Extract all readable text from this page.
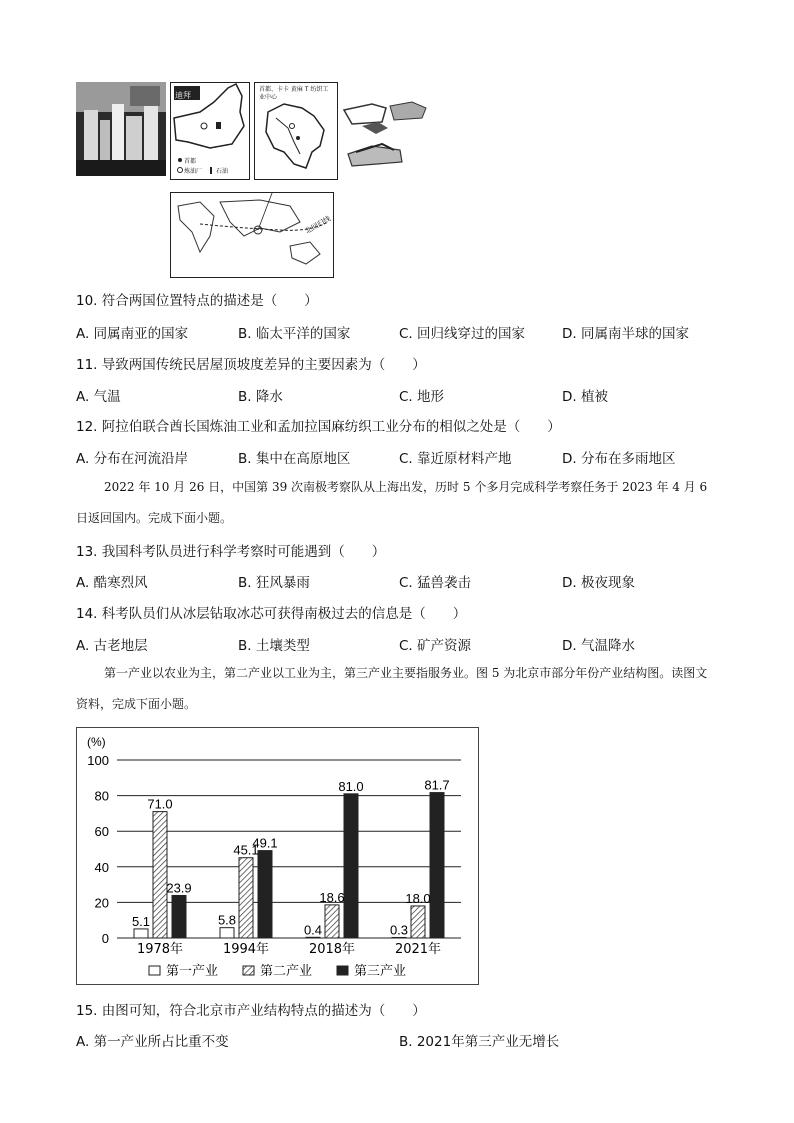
迪拜
首都
炼油厂 石油
首都、卡卡 黄麻 T 纺织工业中心
北回归线
10. 符合两国位置特点的描述是（　　）
A. 同属南亚的国家	B. 临太平洋的国家	C. 回归线穿过的国家	D. 同属南半球的国家
11. 导致两国传统民居屋顶坡度差异的主要因素为（　　）
A. 气温	B. 降水	C. 地形	D. 植被
12. 阿拉伯联合酋长国炼油工业和孟加拉国麻纺织工业分布的相似之处是（　　）
A. 分布在河流沿岸	B. 集中在高原地区	C. 靠近原材料产地	D. 分布在多雨地区
2022 年 10 月 26 日，中国第 39 次南极考察队从上海出发，历时 5 个多月完成科学考察任务于 2023 年 4 月 6 日返回国内。完成下面小题。
13. 我国科考队员进行科学考察时可能遇到（　　）
A. 酷寒烈风	B. 狂风暴雨	C. 猛兽袭击	D. 极夜现象
14. 科考队员们从冰层钻取冰芯可获得南极过去的信息是（　　）
A. 古老地层	B. 土壤类型	C. 矿产资源	D. 气温降水
第一产业以农业为主，第二产业以工业为主，第三产业主要指服务业。图 5 为北京市部分年份产业结构图。读图文资料，完成下面小题。
(%)
0
20
40
60
80
100
5.1
71.0
23.9
1978年
5.8
45.1
49.1
1994年
0.4
18.6
81.0
2018年
0.3
18.0
81.7
2021年
第一产业	第二产业	第三产业
15. 由图可知，符合北京市产业结构特点的描述为（　　）
A. 第一产业所占比重不变	B. 2021年第三产业无增长
